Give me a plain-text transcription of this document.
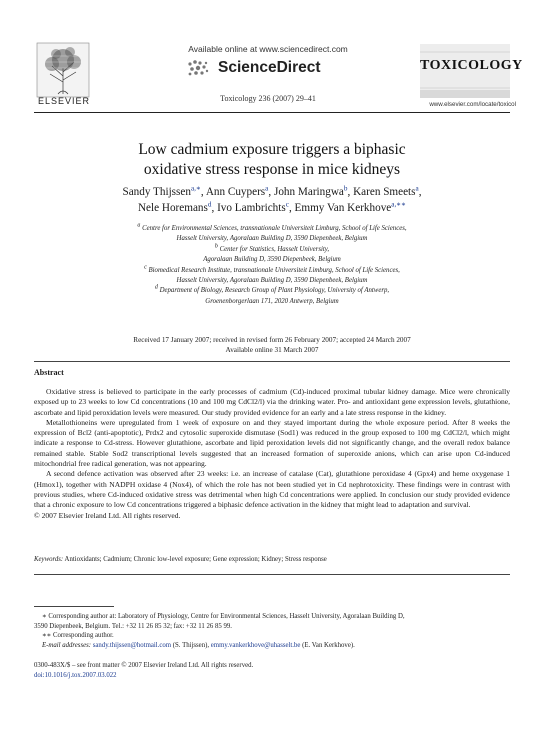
ELSEVIER
Available online at www.sciencedirect.com
ScienceDirect
Toxicology 236 (2007) 29–41
TOXICOLOGY
www.elsevier.com/locate/toxicol
Low cadmium exposure triggers a biphasic
oxidative stress response in mice kidneys
Sandy Thijssen$^{a,∗}$, Ann Cuypers$^a$, John Maringwa$^b$, Karen Smeets$^a$,
Nele Horemans$^d$, Ivo Lambrichts$^c$, Emmy Van Kerkhove$^{a,∗∗}$
$^a$ Centre for Environmental Sciences, transnationale Universiteit Limburg, School of Life Sciences,
Hasselt University, Agoralaan Building D, 3590 Diepenbeek, Belgium
$^b$ Center for Statistics, Hasselt University,
Agoralaan Building D, 3590 Diepenbeek, Belgium
$^c$ Biomedical Research Institute, transnationale Universiteit Limburg, School of Life Sciences,
Hasselt University, Agoralaan Building D, 3590 Diepenbeek, Belgium
$^d$ Department of Biology, Research Group of Plant Physiology, University of Antwerp,
Groenenborgerlaan 171, 2020 Antwerp, Belgium
Received 17 January 2007; received in revised form 26 February 2007; accepted 24 March 2007
Available online 31 March 2007
Abstract

Oxidative stress is believed to participate in the early processes of cadmium (Cd)-induced proximal tubular kidney damage. Mice were chronically exposed up to 23 weeks to low Cd concentrations (10 and 100 mg CdCl2/l) via the drinking water. Pro- and antioxidant gene expression levels, glutathione, ascorbate and lipid peroxidation levels were measured. Our study provided evidence for an early and a late stress response in the kidney.

Metallothioneins were upregulated from 1 week of exposure on and they stayed important during the whole exposure period. After 8 weeks the expression of Bcl2 (anti-apoptotic), Prdx2 and cytosolic superoxide dismutase (Sod1) was reduced in the group exposed to 100 mg CdCl2/l, which might indicate a response to Cd-stress. However glutathione, ascorbate and lipid peroxidation levels did not significantly change, and the overall redox balance remained stable. Stable Sod2 transcriptional levels suggested that an increased formation of superoxide anions, which can arise upon Cd-induced mitochondrial free radical generation, was not appearing.

A second defence activation was observed after 23 weeks: i.e. an increase of catalase (Cat), glutathione peroxidase 4 (Gpx4) and heme oxygenase 1 (Hmox1), together with NADPH oxidase 4 (Nox4), of which the role has not been studied yet in Cd nephrotoxicity. These findings were in contrast with previous studies, where Cd-induced oxidative stress was detrimental when high Cd concentrations were applied. In conclusion our study provided evidence that a chronic exposure to low Cd concentrations triggered a biphasic defence activation in the kidney that might lead to adaptation and survival.

© 2007 Elsevier Ireland Ltd. All rights reserved.

Keywords: Antioxidants; Cadmium; Chronic low-level exposure; Gene expression; Kidney; Stress response
∗ Corresponding author at: Laboratory of Physiology, Centre for Environmental Sciences, Hasselt University, Agoralaan Building D,
3590 Diepenbeek, Belgium. Tel.: +32 11 26 85 32; fax: +32 11 26 85 99.
∗∗ Corresponding author.
E-mail addresses: sandy.thijssen@hotmail.com (S. Thijssen), emmy.vankerkhove@uhasselt.be (E. Van Kerkhove).
0300-483X/$ – see front matter © 2007 Elsevier Ireland Ltd. All rights reserved.
doi:10.1016/j.tox.2007.03.022
